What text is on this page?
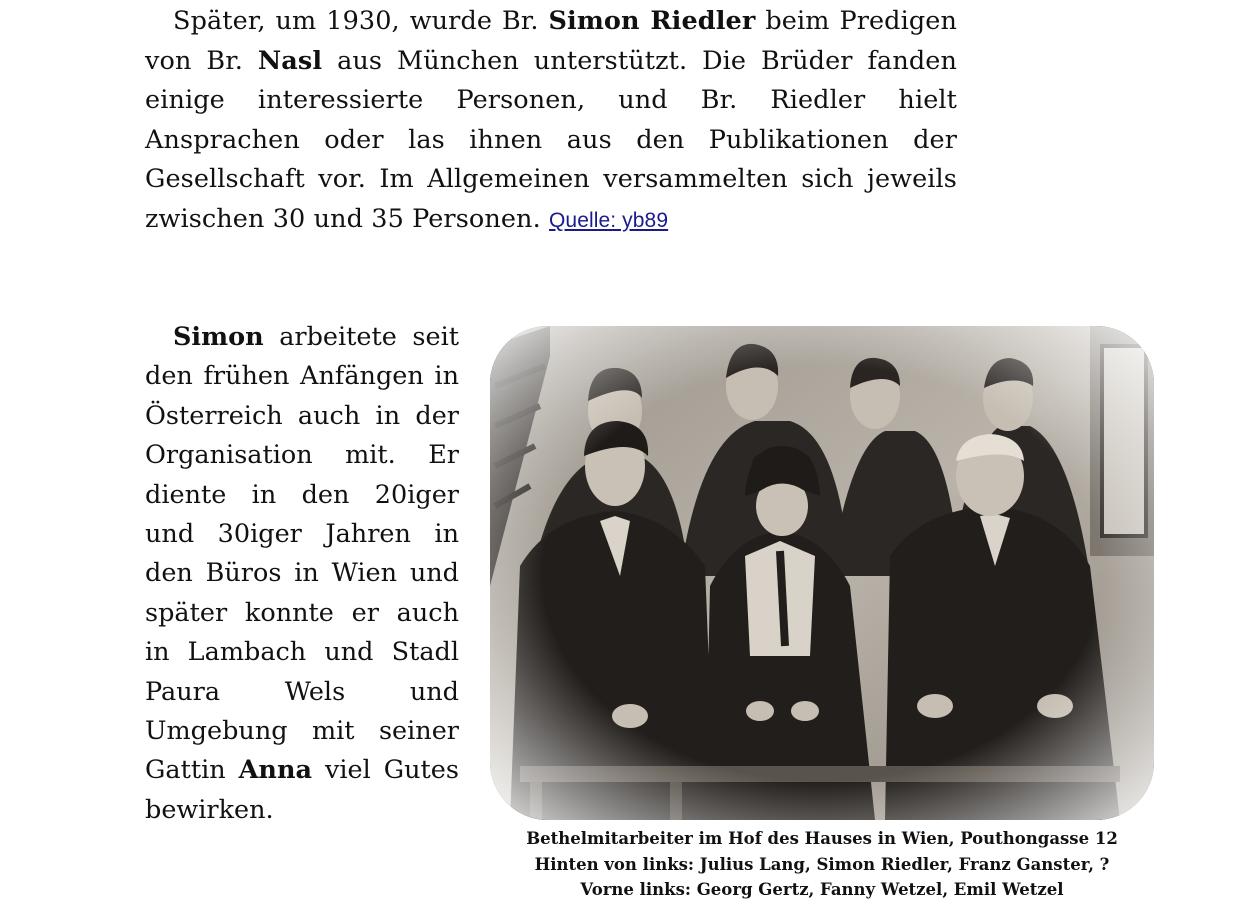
Später, um 1930, wurde Br. Simon Riedler beim Predigen von Br. Nasl aus München unterstützt. Die Brüder fanden einige interessierte Personen, und Br. Riedler hielt Ansprachen oder las ihnen aus den Publikationen der Gesellschaft vor. Im Allgemeinen versammelten sich jeweils zwischen 30 und 35 Personen. Quelle: yb89

Simon arbeitete seit den frühen Anfängen in Österreich auch in der Organisation mit. Er diente in den 20iger und 30iger Jahren in den Büros in Wien und später konnte er auch in Lambach und Stadl Paura Wels und Umgebung mit seiner Gattin Anna viel Gutes bewirken.

Bethelmitarbeiter im Hof des Hauses in Wien, Pouthongasse 12
Hinten von links: Julius Lang, Simon Riedler, Franz Ganster, ?
Vorne links: Georg Gertz, Fanny Wetzel, Emil Wetzel
